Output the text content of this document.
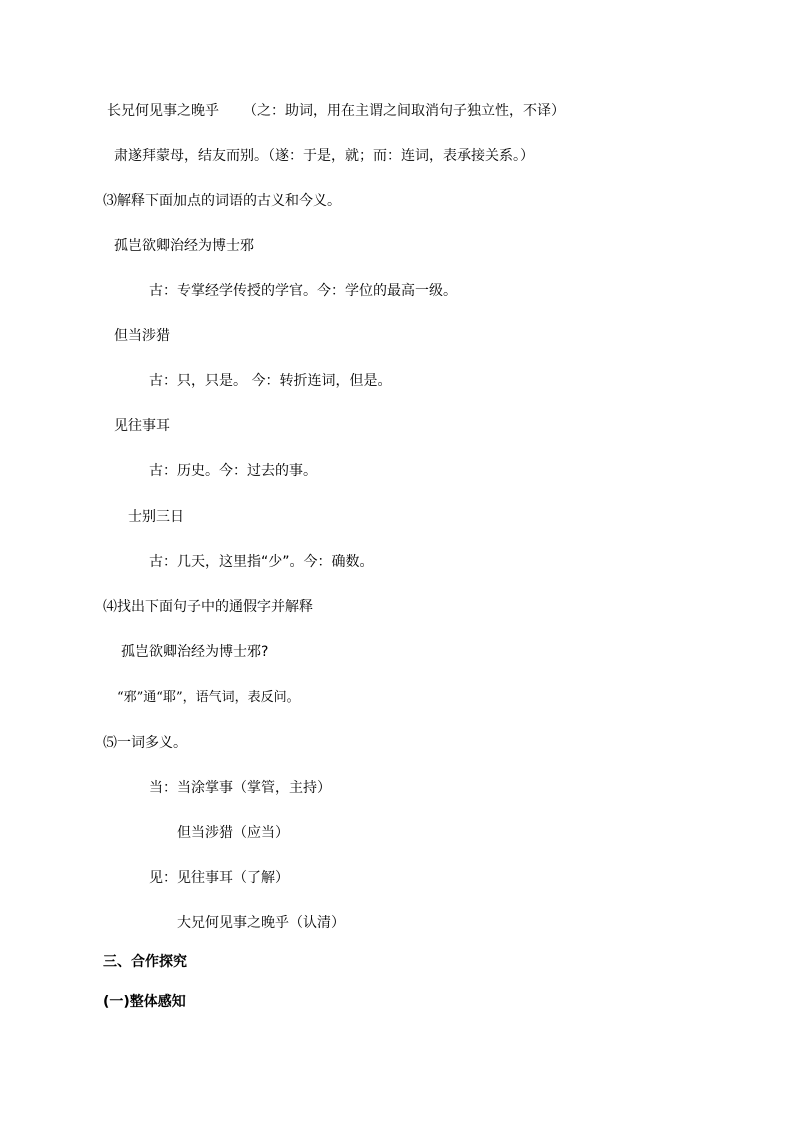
长兄何见事之晚乎 （之：助词，用在主谓之间取消句子独立性，不译）
肃遂拜蒙母，结友而别。（遂：于是，就；而：连词，表承接关系。）
⑶解释下面加点的词语的古义和今义。
孤岂欲卿治经为博士邪
古：专掌经学传授的学官。今：学位的最高一级。
但当涉猎
古：只，只是。 今：转折连词，但是。
见往事耳
古：历史。今：过去的事。
士别三日
古：几天，这里指“少”。今：确数。
⑷找出下面句子中的通假字并解释
孤岂欲卿治经为博士邪?
“邪”通“耶”，语气词，表反问。
⑸一词多义。
当：当涂掌事（掌管，主持）
但当涉猎（应当）
见：见往事耳（了解）
大兄何见事之晚乎（认清）
三、合作探究
(一)整体感知
